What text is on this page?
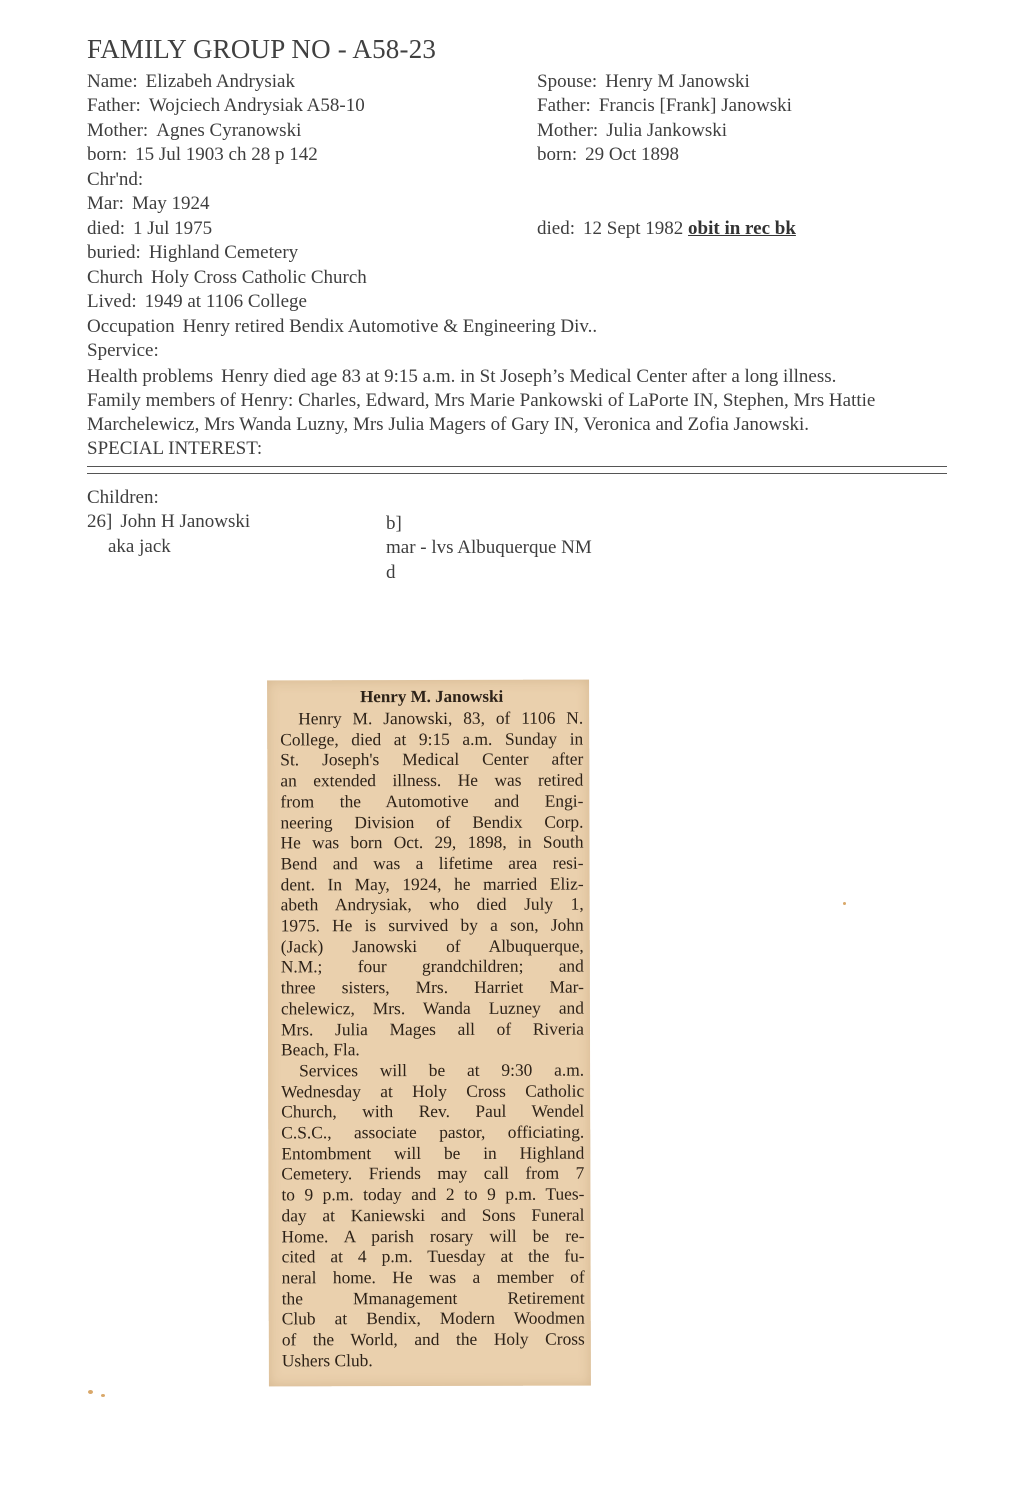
FAMILY GROUP NO - A58-23
Name: Elizabeh Andrysiak
Father: Wojciech Andrysiak A58-10
Mother: Agnes Cyranowski
born: 15 Jul 1903 ch 28 p 142
Chr'nd:
Mar: May 1924
died: 1 Jul 1975
buried: Highland Cemetery
Church Holy Cross Catholic Church
Lived: 1949 at 1106 College
Spouse: Henry M Janowski
Father: Francis [Frank] Janowski
Mother: Julia Jankowski
born: 29 Oct 1898
died: 12 Sept 1982 obit in rec bk
Occupation Henry retired Bendix Automotive & Engineering Div..
Spervice:
Health problems Henry died age 83 at 9:15 a.m. in St Joseph’s Medical Center after a long illness.
Family members of Henry: Charles, Edward, Mrs Marie Pankowski of LaPorte IN, Stephen, Mrs Hattie Marchelewicz, Mrs Wanda Luzny, Mrs Julia Magers of Gary IN, Veronica and Zofia Janowski.
SPECIAL INTEREST:
Children:
26] John H Janowski
aka jack
b]
mar - lvs Albuquerque NM
d
Henry M. Janowski
Henry M. Janowski, 83, of 1106 N.
College, died at 9:15 a.m. Sunday in
St. Joseph's Medical Center after
an extended illness. He was retired
from the Automotive and Engi-
neering Division of Bendix Corp.
He was born Oct. 29, 1898, in South
Bend and was a lifetime area resi-
dent. In May, 1924, he married Eliz-
abeth Andrysiak, who died July 1,
1975. He is survived by a son, John
(Jack) Janowski of Albuquerque,
N.M.; four grandchildren; and
three sisters, Mrs. Harriet Mar-
chelewicz, Mrs. Wanda Luzney and
Mrs. Julia Mages all of Riveria
Beach, Fla.
Services will be at 9:30 a.m.
Wednesday at Holy Cross Catholic
Church, with Rev. Paul Wendel
C.S.C., associate pastor, officiating.
Entombment will be in Highland
Cemetery. Friends may call from 7
to 9 p.m. today and 2 to 9 p.m. Tues-
day at Kaniewski and Sons Funeral
Home. A parish rosary will be re-
cited at 4 p.m. Tuesday at the fu-
neral home. He was a member of
the Mmanagement Retirement
Club at Bendix, Modern Woodmen
of the World, and the Holy Cross
Ushers Club.
